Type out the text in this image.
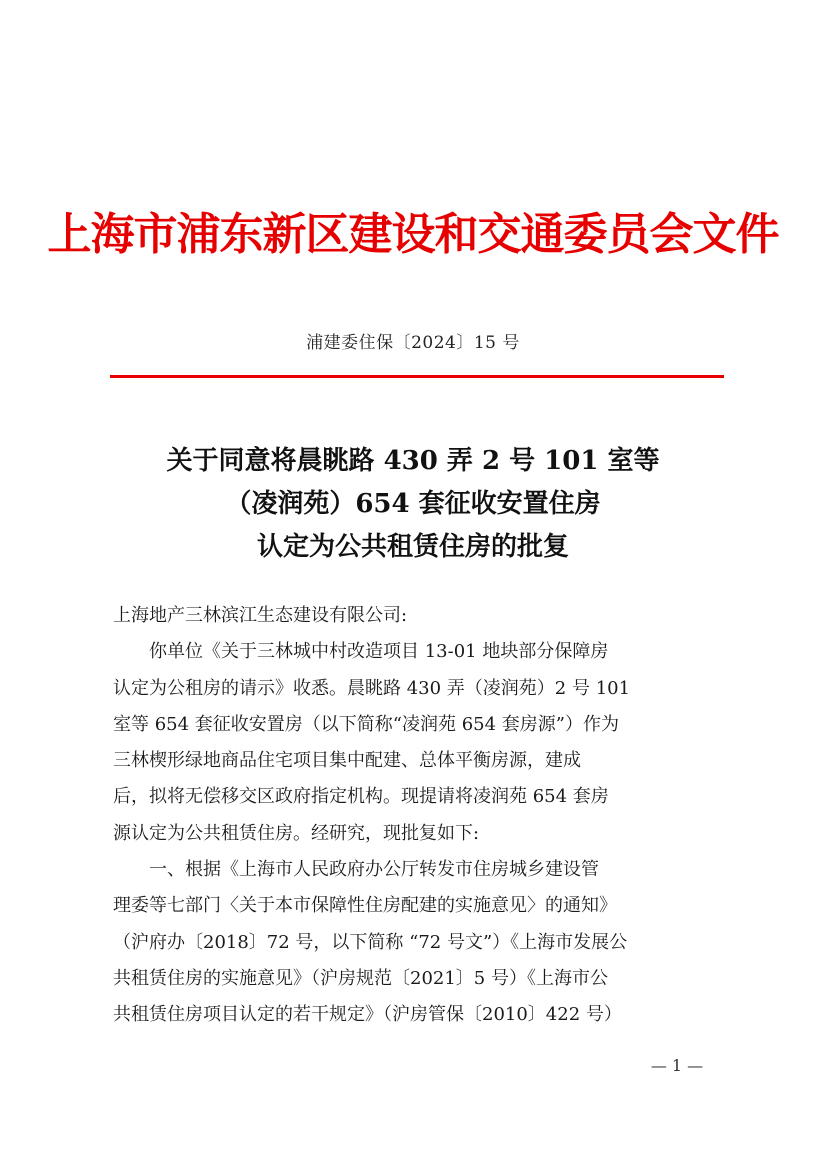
上海市浦东新区建设和交通委员会文件
浦建委住保〔2024〕15 号
关于同意将晨眺路 430 弄 2 号 101 室等
（凌润苑）654 套征收安置住房
认定为公共租赁住房的批复
上海地产三林滨江生态建设有限公司:
你单位《关于三林城中村改造项目 13-01 地块部分保障房
认定为公租房的请示》收悉。晨眺路 430 弄（凌润苑）2 号 101
室等 654 套征收安置房（以下简称“凌润苑 654 套房源”）作为
三林楔形绿地商品住宅项目集中配建、总体平衡房源，建成
后，拟将无偿移交区政府指定机构。现提请将凌润苑 654 套房
源认定为公共租赁住房。经研究，现批复如下:
一、根据《上海市人民政府办公厅转发市住房城乡建设管
理委等七部门〈关于本市保障性住房配建的实施意见〉的通知》
（沪府办〔2018〕72 号，以下简称 “72 号文”）《上海市发展公
共租赁住房的实施意见》（沪房规范〔2021〕5 号）《上海市公
共租赁住房项目认定的若干规定》（沪房管保〔2010〕422 号）
— 1 —
